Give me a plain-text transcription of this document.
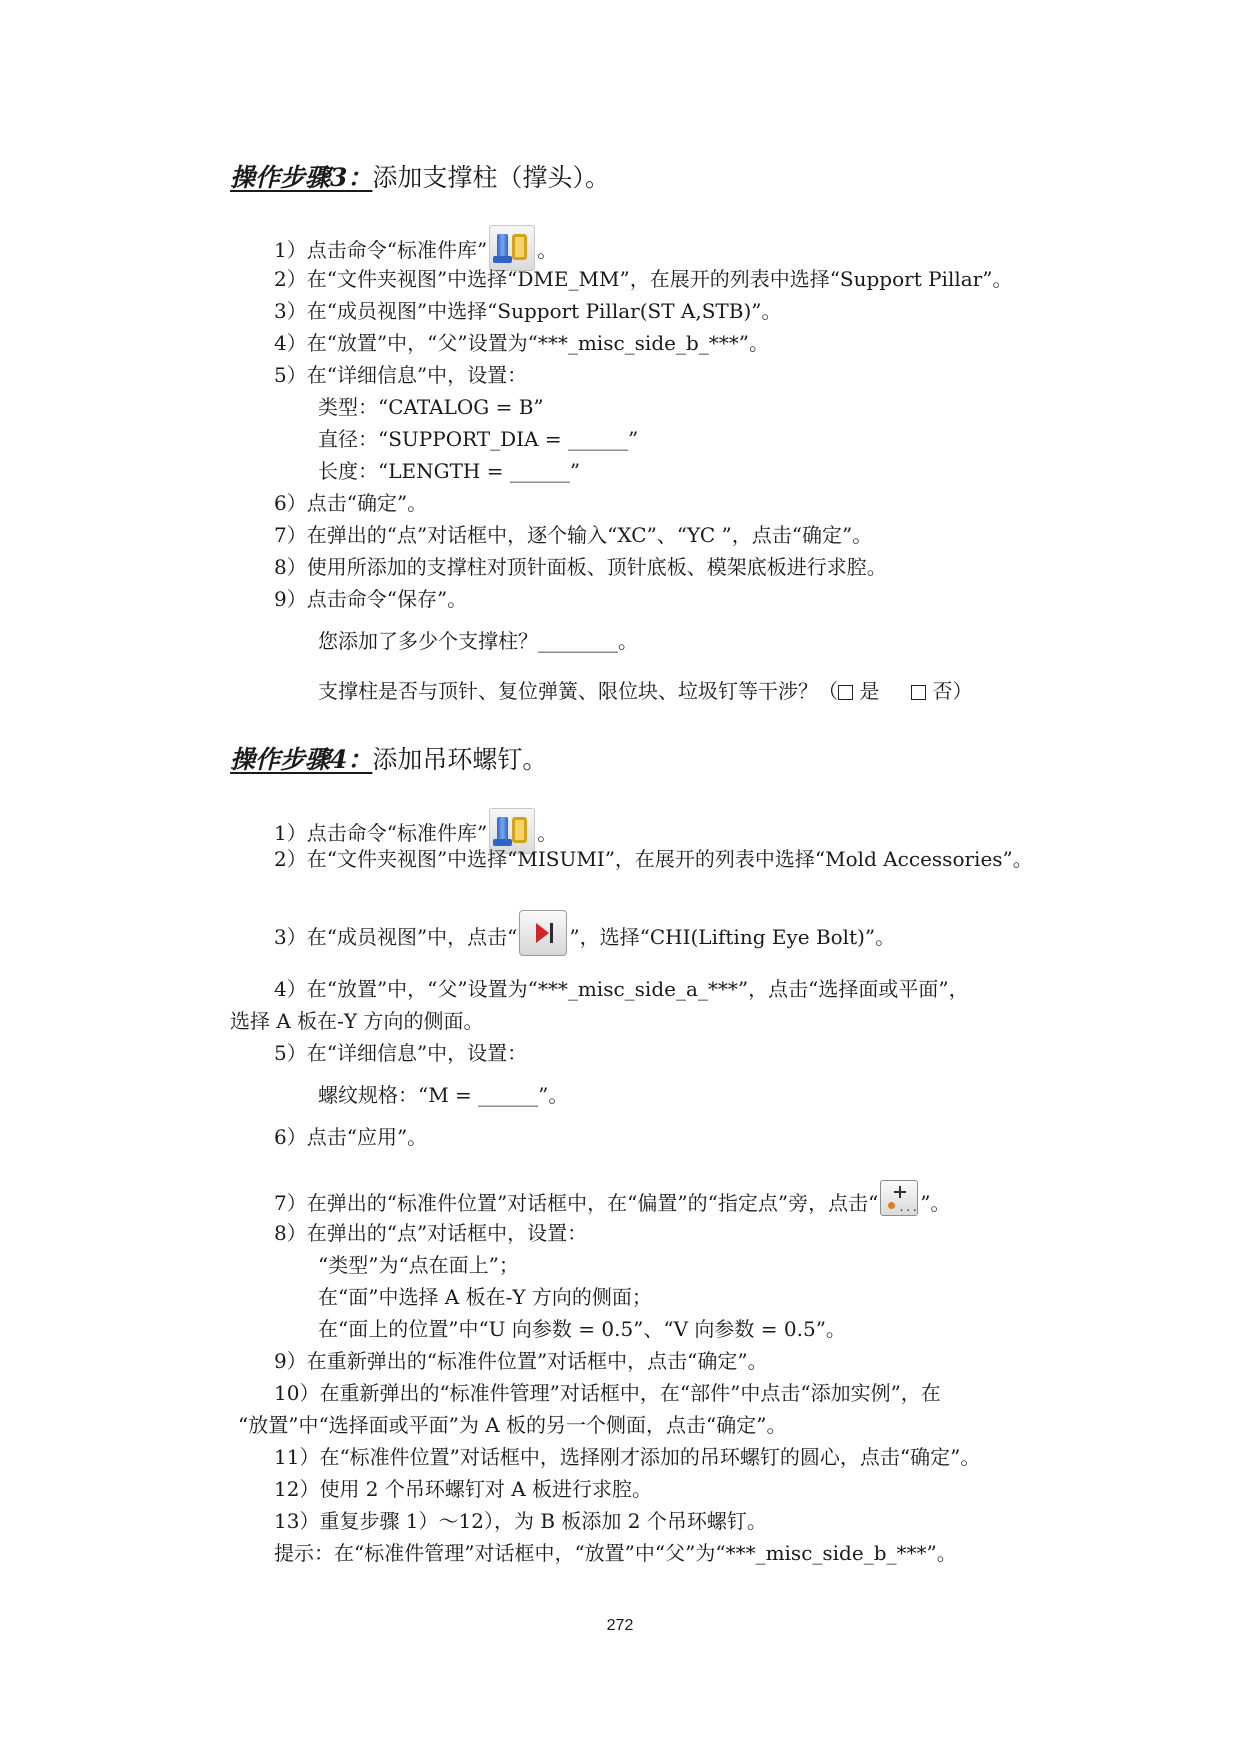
操作步骤3：添加支撑柱（撑头）。
1）点击命令“标准件库”	。
2）在“文件夹视图”中选择“DME_MM”，在展开的列表中选择“Support Pillar”。
3）在“成员视图”中选择“Support Pillar(ST A,STB)”。
4）在“放置”中，“父”设置为“***_misc_side_b_***”。
5）在“详细信息”中，设置：
类型：“CATALOG = B”
直径：“SUPPORT_DIA = ______”
长度：“LENGTH = ______”
6）点击“确定”。
7）在弹出的“点”对话框中，逐个输入“XC”、“YC ”，点击“确定”。
8）使用所添加的支撑柱对顶针面板、顶针底板、模架底板进行求腔。
9）点击命令“保存”。
您添加了多少个支撑柱？________。
支撑柱是否与顶针、复位弹簧、限位块、垃圾钉等干涉？（ 是	否）
操作步骤4：添加吊环螺钉。
1）点击命令“标准件库”	。
2）在“文件夹视图”中选择“MISUMI”，在展开的列表中选择“Mold Accessories”。
3）在“成员视图”中，点击“	”，选择“CHI(Lifting Eye Bolt)”。
4）在“放置”中，“父”设置为“***_misc_side_a_***”，点击“选择面或平面”，
选择 A 板在-Y 方向的侧面。
5）在“详细信息”中，设置：
螺纹规格：“M = ______”。
6）点击“应用”。
7）在弹出的“标准件位置”对话框中，在“偏置”的“指定点”旁，点击“ ... ”。
8）在弹出的“点”对话框中，设置：
“类型”为“点在面上”；
在“面”中选择 A 板在-Y 方向的侧面；
在“面上的位置”中“U 向参数 = 0.5”、“V 向参数 = 0.5”。
9）在重新弹出的“标准件位置”对话框中，点击“确定”。
10）在重新弹出的“标准件管理”对话框中，在“部件”中点击“添加实例”，在
“放置”中“选择面或平面”为 A 板的另一个侧面，点击“确定”。
11）在“标准件位置”对话框中，选择刚才添加的吊环螺钉的圆心，点击“确定”。
12）使用 2 个吊环螺钉对 A 板进行求腔。
13）重复步骤 1）～12），为 B 板添加 2 个吊环螺钉。
提示：在“标准件管理”对话框中，“放置”中“父”为“***_misc_side_b_***”。
272
